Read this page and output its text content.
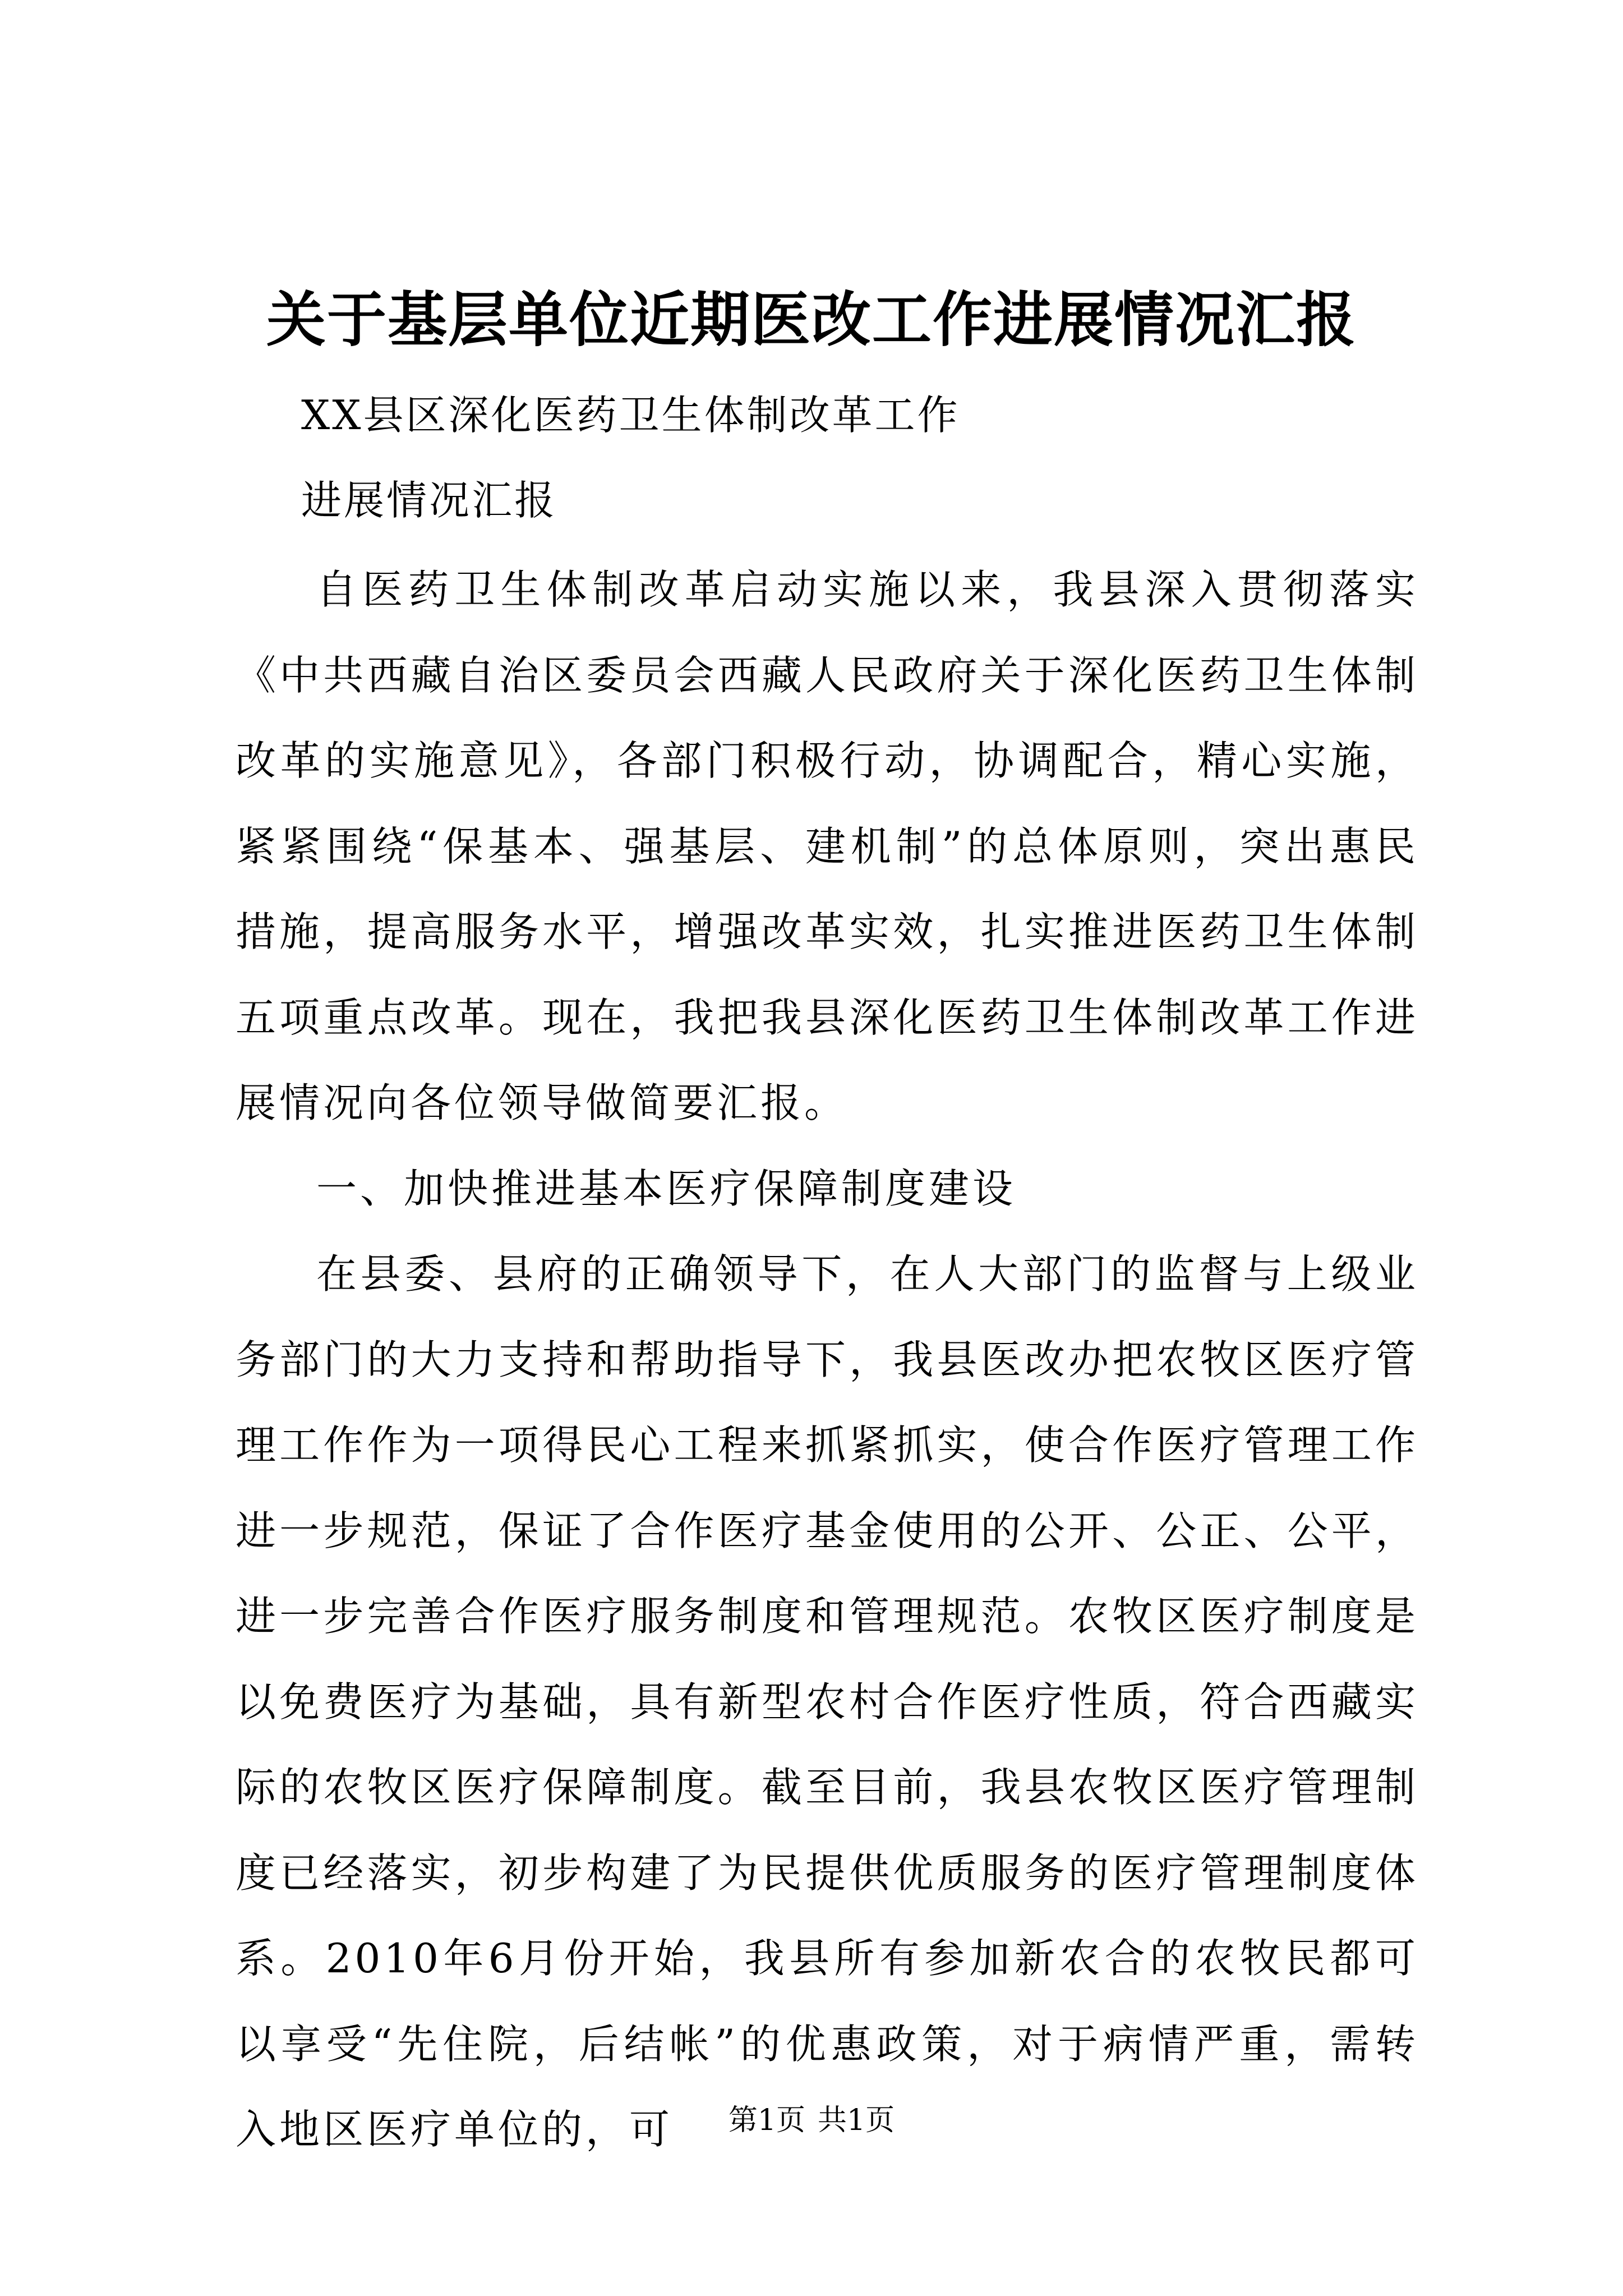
关于基层单位近期医改工作进展情况汇报
XX县区深化医药卫生体制改革工作
进展情况汇报

自医药卫生体制改革启动实施以来，我县深入贯彻落实《中共西藏自治区委员会西藏人民政府关于深化医药卫生体制改革的实施意见》，各部门积极行动，协调配合，精心实施，紧紧围绕“保基本、强基层、建机制”的总体原则，突出惠民措施，提高服务水平，增强改革实效，扎实推进医药卫生体制五项重点改革。现在，我把我县深化医药卫生体制改革工作进展情况向各位领导做简要汇报。

一、加快推进基本医疗保障制度建设

在县委、县府的正确领导下，在人大部门的监督与上级业务部门的大力支持和帮助指导下，我县医改办把农牧区医疗管理工作作为一项得民心工程来抓紧抓实，使合作医疗管理工作进一步规范，保证了合作医疗基金使用的公开、公正、公平，进一步完善合作医疗服务制度和管理规范。农牧区医疗制度是以免费医疗为基础，具有新型农村合作医疗性质，符合西藏实际的农牧区医疗保障制度。截至目前，我县农牧区医疗管理制度已经落实，初步构建了为民提供优质服务的医疗管理制度体系。2010年6月份开始，我县所有参加新农合的农牧民都可以享受“先住院，后结帐”的优惠政策，对于病情严重，需转入地区医疗单位的，可	第1页 共1页
